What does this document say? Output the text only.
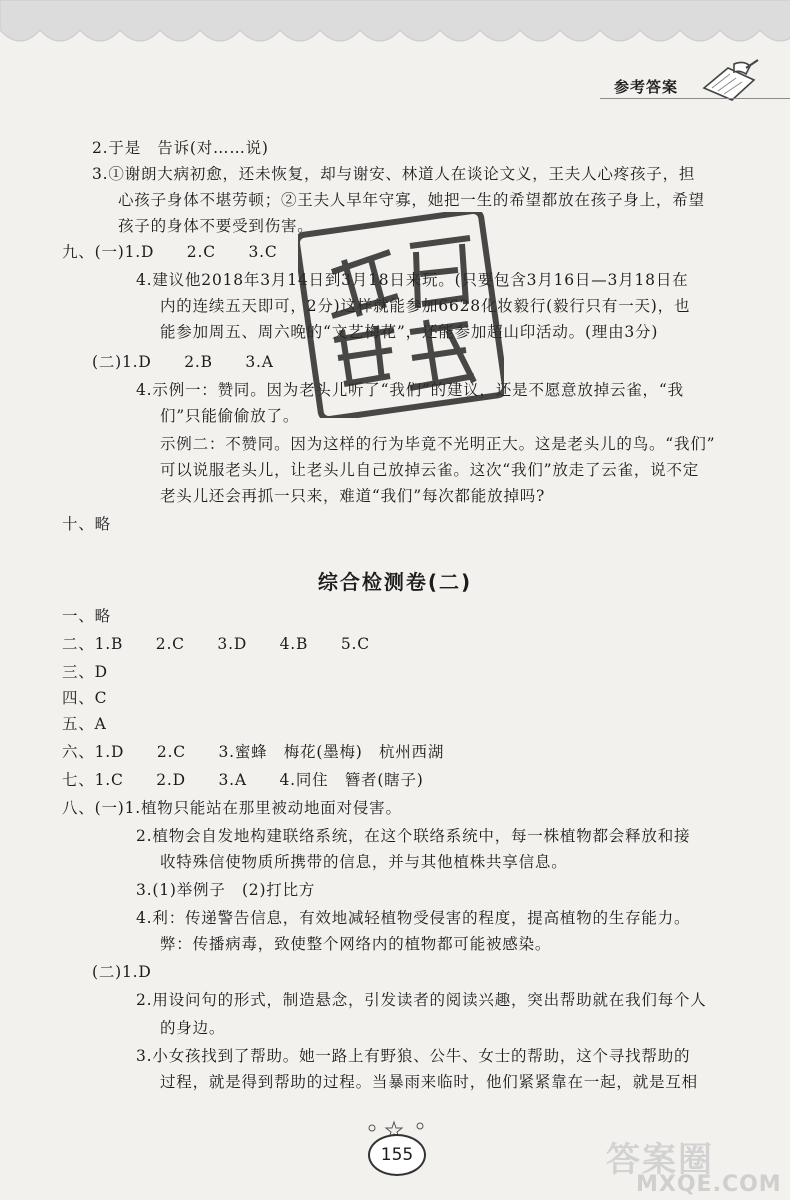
参考答案
2.于是　告诉(对……说)
3.①谢朗大病初愈，还未恢复，却与谢安、林道人在谈论文义，王夫人心疼孩子，担
心孩子身体不堪劳顿；②王夫人早年守寡，她把一生的希望都放在孩子身上，希望
孩子的身体不要受到伤害。
九、(一)1.D　　2.C　　3.C
4.建议他2018年3月14日到3月18日来玩。(只要包含3月16日—3月18日在
内的连续五天即可，2分)这样就能参加6628化妆毅行(毅行只有一天)，也
能参加周五、周六晚的“文艺梅花”，还能参加超山印活动。(理由3分)
(二)1.D　　2.B　　3.A
4.示例一：赞同。因为老头儿听了“我们”的建议，还是不愿意放掉云雀，“我
们”只能偷偷放了。
示例二：不赞同。因为这样的行为毕竟不光明正大。这是老头儿的鸟。“我们”
可以说服老头儿，让老头儿自己放掉云雀。这次“我们”放走了云雀，说不定
老头儿还会再抓一只来，难道“我们”每次都能放掉吗?
十、略
综合检测卷(二)
一、略
二、1.B　　2.C　　3.D　　4.B　　5.C
三、D
四、C
五、A
六、1.D　　2.C　　3.蜜蜂　梅花(墨梅)　杭州西湖
七、1.C　　2.D　　3.A　　4.同住　簪者(瞎子)
八、(一)1.植物只能站在那里被动地面对侵害。
2.植物会自发地构建联络系统，在这个联络系统中，每一株植物都会释放和接
收特殊信使物质所携带的信息，并与其他植株共享信息。
3.(1)举例子　(2)打比方
4.利：传递警告信息，有效地减轻植物受侵害的程度，提高植物的生存能力。
弊：传播病毒，致使整个网络内的植物都可能被感染。
(二)1.D
2.用设问句的形式，制造悬念，引发读者的阅读兴趣，突出帮助就在我们每个人
的身边。
3.小女孩找到了帮助。她一路上有野狼、公牛、女士的帮助，这个寻找帮助的
过程，就是得到帮助的过程。当暴雨来临时，他们紧紧靠在一起，就是互相
155	答案圈
MXQE.COM
